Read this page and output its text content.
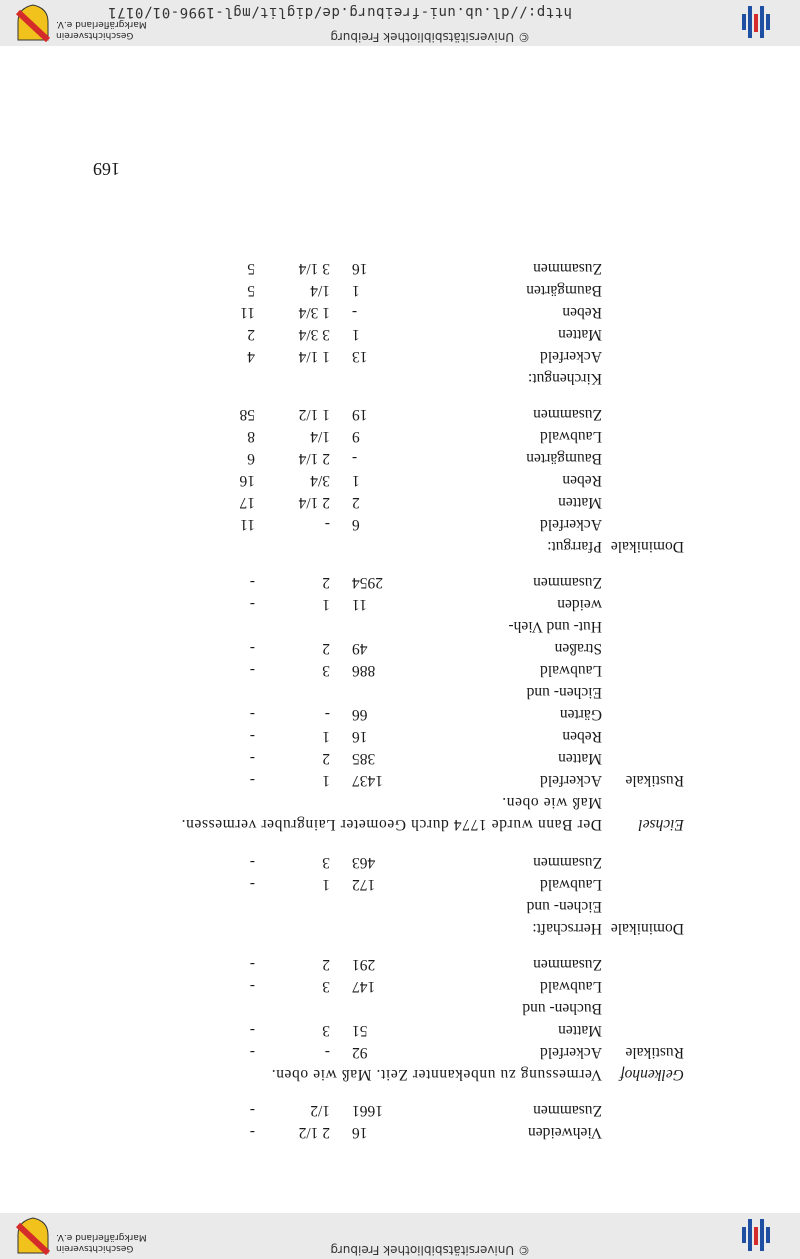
© Universitätsbibliothek Freiburg
Geschichtsverein
Markgräflerland e.V.
169
Viehweiden
16
2 1/2
-
Zusammen
1661
1/2
-
Gelkenhof
Vermessung zu unbekannter Zeit. Maß wie oben.
Rustikale
Ackerfeld
92
-
-
Matten
51
3
-
Buchen- und
Laubwald
147
3
-
Zusammen
291
2
-
Dominikale
Herrschaft:
Eichen- und
Laubwald
172
1
-
Zusammen
463
3
-
Eichsel
Der Bann wurde 1774 durch Geometer Laingruber vermessen.
Maß wie oben.
Rustikale
Ackerfeld
1437
1
-
Matten
385
2
-
Reben
16
1
-
Gärten
66
-
-
Eichen- und
Laubwald
886
3
-
Straßen
49
2
-
Hut- und Vieh-
weiden
11
1
-
Zusammen
2954
2
-
Dominikale
Pfarrgut:
Ackerfeld
6
-
11
Matten
2
2 1/4
17
Reben
1
3/4
16
Baumgärten
-
2 1/4
6
Laubwald
9
1/4
8
Zusammen
19
1 1/2
58
Kirchengut:
Ackerfeld
13
1 1/4
4
Matten
1
3 3/4
2
Reben
-
1 3/4
11
Baumgärten
1
1/4
5
Zusammen
16
3 1/4
5
http://dl.ub.uni-freiburg.de/diglit/mgl-1996-01/0171
© Universitätsbibliothek Freiburg
Geschichtsverein
Markgräflerland e.V.
